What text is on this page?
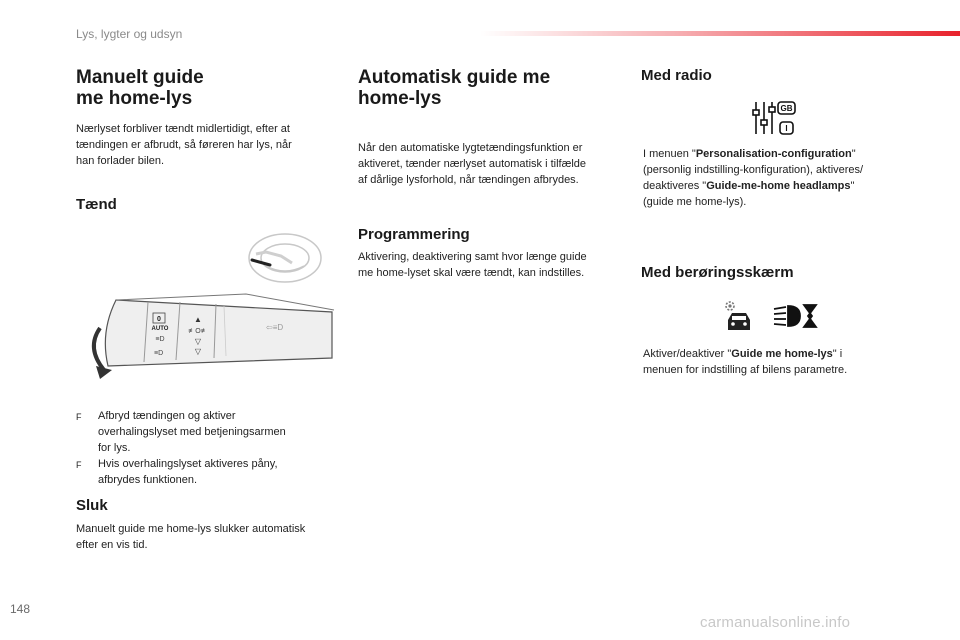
Lys, lygter og udsyn
Manuelt guide
me home-lys
Nærlyset forbliver tændt midlertidigt, efter at
tændingen er afbrudt, så føreren har lys, når
han forlader bilen.
Tænd
0
AUTO
≡D
≡D
▲
≢O≢
▽
▽
⇦≡D
F	Afbryd tændingen og aktiver
overhalingslyset med betjeningsarmen
for lys.
F	Hvis overhalingslyset aktiveres påny,
afbrydes funktionen.
Sluk
Manuelt guide me home-lys slukker automatisk
efter en vis tid.
Automatisk guide me
home-lys
Når den automatiske lygtetændingsfunktion er
aktiveret, tænder nærlyset automatisk i tilfælde
af dårlige lysforhold, når tændingen afbrydes.
Programmering
Aktivering, deaktivering samt hvor længe guide
me home-lyset skal være tændt, kan indstilles.
Med radio
GB
I
I menuen "Personalisation-configuration"
(personlig indstilling-konfiguration), aktiveres/
deaktiveres "Guide-me-home headlamps"
(guide me home-lys).
Med berøringsskærm
Aktiver/deaktiver "Guide me home-lys" i
menuen for indstilling af bilens parametre.
148
carmanualsonline.info
